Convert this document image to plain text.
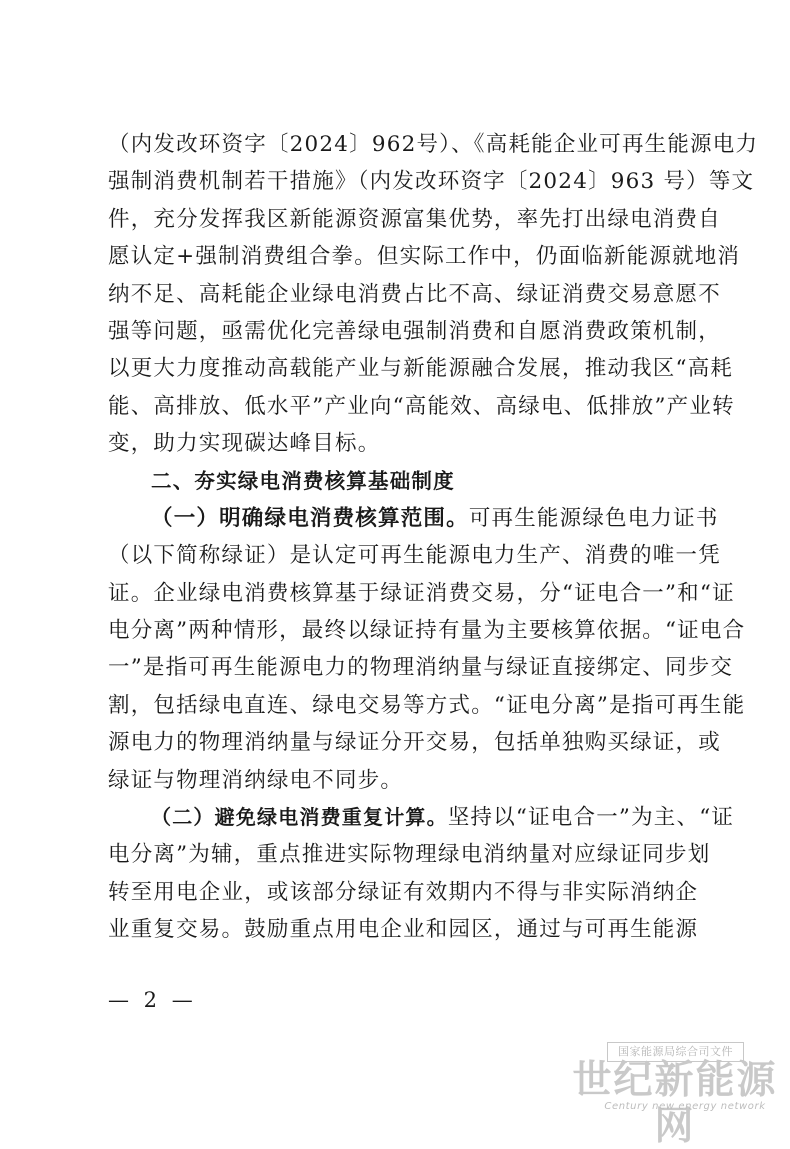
（内发改环资字〔2024〕962号）、《高耗能企业可再生能源电力
强制消费机制若干措施》（内发改环资字〔2024〕963 号）等文
件，充分发挥我区新能源资源富集优势，率先打出绿电消费自
愿认定+强制消费组合拳。但实际工作中，仍面临新能源就地消
纳不足、高耗能企业绿电消费占比不高、绿证消费交易意愿不
强等问题，亟需优化完善绿电强制消费和自愿消费政策机制，
以更大力度推动高载能产业与新能源融合发展，推动我区“高耗
能、高排放、低水平”产业向“高能效、高绿电、低排放”产业转
变，助力实现碳达峰目标。
二、夯实绿电消费核算基础制度
（一）明确绿电消费核算范围。可再生能源绿色电力证书
（以下简称绿证）是认定可再生能源电力生产、消费的唯一凭
证。企业绿电消费核算基于绿证消费交易，分“证电合一”和“证
电分离”两种情形，最终以绿证持有量为主要核算依据。“证电合
一”是指可再生能源电力的物理消纳量与绿证直接绑定、同步交
割，包括绿电直连、绿电交易等方式。“证电分离”是指可再生能
源电力的物理消纳量与绿证分开交易，包括单独购买绿证，或
绿证与物理消纳绿电不同步。
（二）避免绿电消费重复计算。坚持以“证电合一”为主、“证
电分离”为辅，重点推进实际物理绿电消纳量对应绿证同步划
转至用电企业，或该部分绿证有效期内不得与非实际消纳企
业重复交易。鼓励重点用电企业和园区，通过与可再生能源
— 2 —
国家能源局综合司文件
世纪新能源网
Century new energy network
